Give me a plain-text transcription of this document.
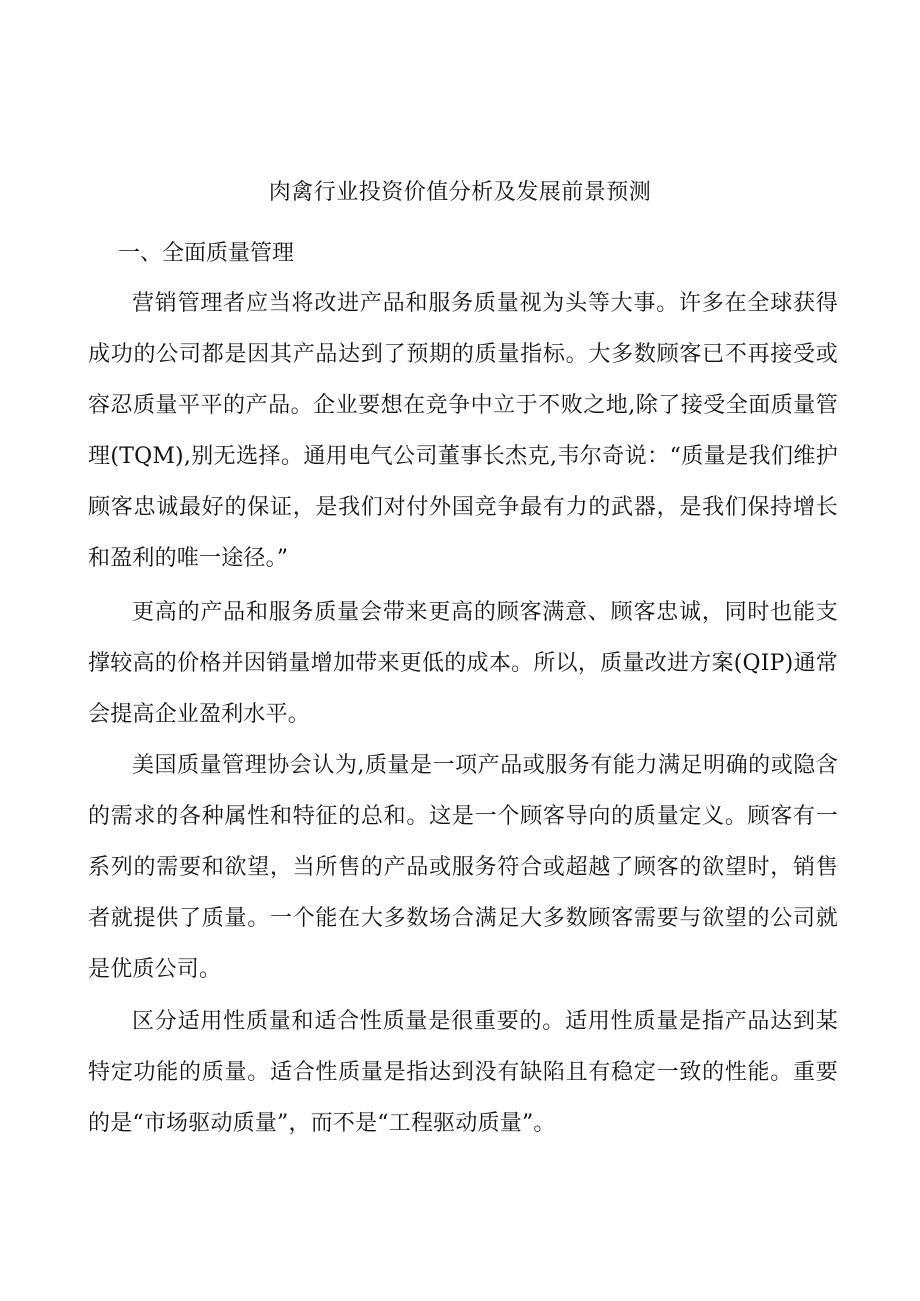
肉禽行业投资价值分析及发展前景预测
一、全面质量管理

营销管理者应当将改进产品和服务质量视为头等大事。许多在全球获得成功的公司都是因其产品达到了预期的质量指标。大多数顾客已不再接受或容忍质量平平的产品。企业要想在竞争中立于不败之地,除了接受全面质量管理(TQM),别无选择。通用电气公司董事长杰克,韦尔奇说：“质量是我们维护顾客忠诚最好的保证，是我们对付外国竞争最有力的武器，是我们保持增长和盈利的唯一途径。”

更高的产品和服务质量会带来更高的顾客满意、顾客忠诚，同时也能支撑较高的价格并因销量增加带来更低的成本。所以，质量改进方案(QIP)通常会提高企业盈利水平。

美国质量管理协会认为,质量是一项产品或服务有能力满足明确的或隐含的需求的各种属性和特征的总和。这是一个顾客导向的质量定义。顾客有一系列的需要和欲望，当所售的产品或服务符合或超越了顾客的欲望时，销售者就提供了质量。一个能在大多数场合满足大多数顾客需要与欲望的公司就是优质公司。

区分适用性质量和适合性质量是很重要的。适用性质量是指产品达到某特定功能的质量。适合性质量是指达到没有缺陷且有稳定一致的性能。重要的是“市场驱动质量”，而不是“工程驱动质量”。
